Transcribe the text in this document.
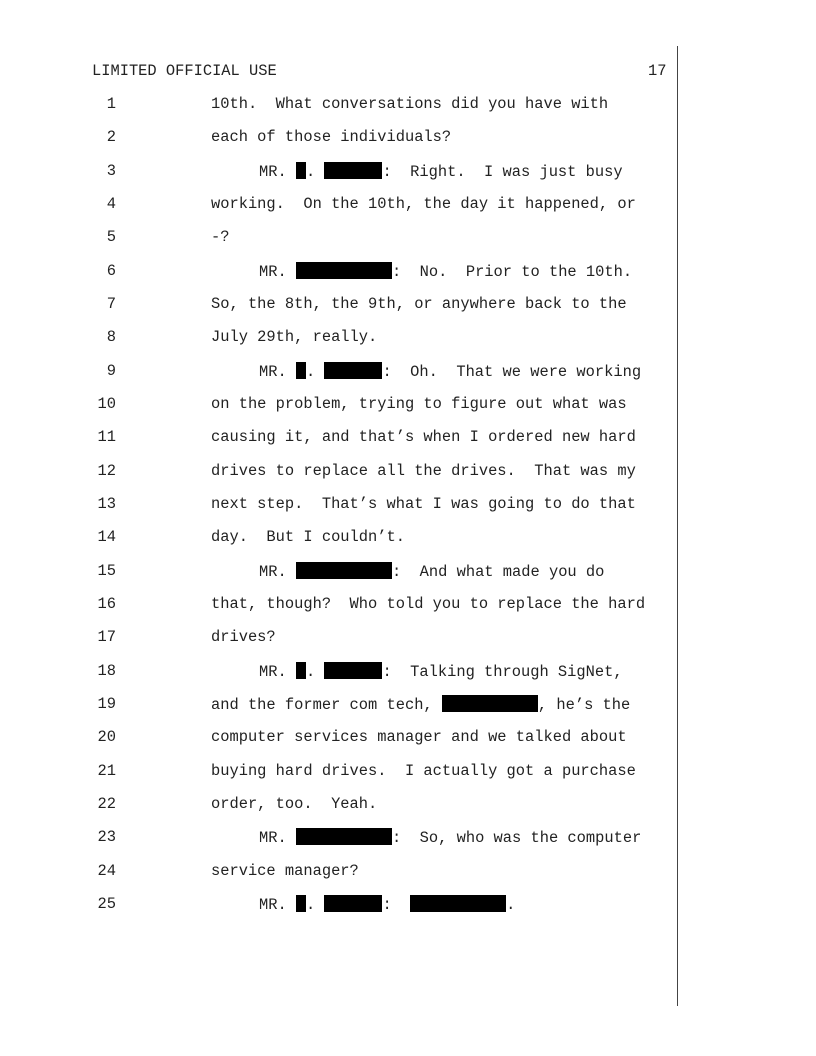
LIMITED OFFICIAL USE	17
1	10th.  What conversations did you have with
2	each of those individuals?
3	MR. .	:  Right.  I was just busy
4	working.  On the 10th, the day it happened, or
5	-?
6	MR.	:  No.  Prior to the 10th.
7	So, the 8th, the 9th, or anywhere back to the
8	July 29th, really.
9	MR. .	:  Oh.  That we were working
10	on the problem, trying to figure out what was
11	causing it, and that’s when I ordered new hard
12	drives to replace all the drives.  That was my
13	next step.  That’s what I was going to do that
14	day.  But I couldn’t.
15	MR.	:  And what made you do
16	that, though?  Who told you to replace the hard
17	drives?
18	MR. .	:  Talking through SigNet,
19	and the former com tech,	, he’s the
20	computer services manager and we talked about
21	buying hard drives.  I actually got a purchase
22	order, too.  Yeah.
23	MR.	:  So, who was the computer
24	service manager?
25	MR. .	:	.
